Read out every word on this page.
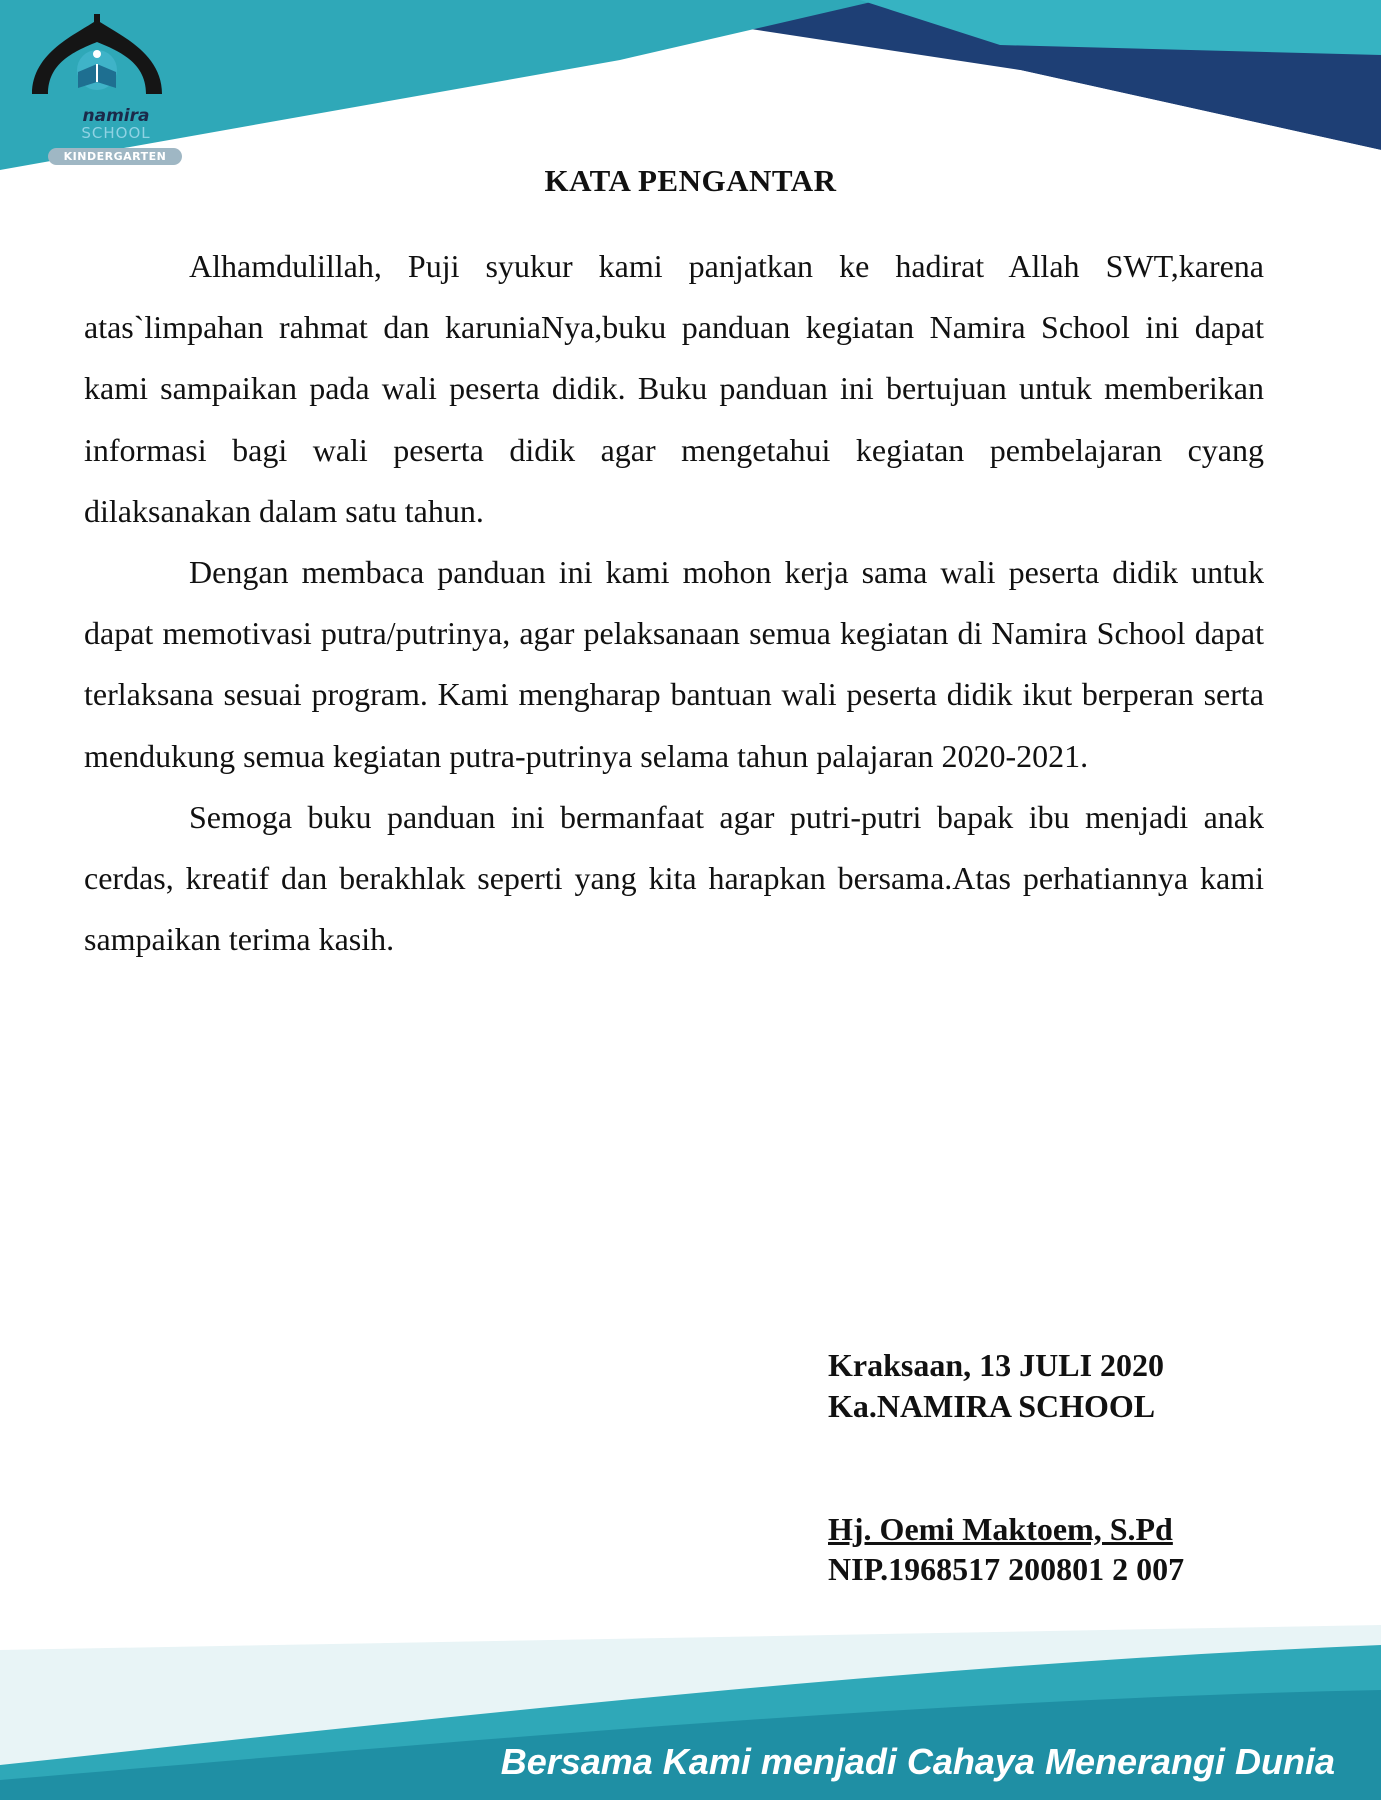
namira
SCHOOL
KINDERGARTEN
KATA PENGANTAR

Alhamdulillah, Puji syukur kami panjatkan ke hadirat Allah SWT,karena atas`limpahan rahmat dan karuniaNya,buku panduan kegiatan Namira School ini dapat kami sampaikan pada wali peserta didik. Buku panduan ini bertujuan untuk memberikan informasi bagi wali peserta didik agar mengetahui kegiatan pembelajaran cyang dilaksanakan dalam satu tahun.

Dengan membaca panduan ini kami mohon kerja sama wali peserta didik untuk dapat memotivasi putra/putrinya, agar pelaksanaan semua kegiatan di Namira School dapat terlaksana sesuai program. Kami mengharap bantuan wali peserta didik ikut berperan serta mendukung semua kegiatan putra-putrinya selama tahun palajaran 2020-2021.

Semoga buku panduan ini bermanfaat agar putri-putri bapak ibu menjadi anak cerdas, kreatif dan berakhlak seperti yang kita harapkan bersama.Atas perhatiannya kami sampaikan terima kasih.

Kraksaan, 13 JULI 2020
Ka.NAMIRA SCHOOL
Hj. Oemi Maktoem, S.Pd
NIP.1968517 200801 2 007
Bersama Kami menjadi Cahaya Menerangi Dunia
